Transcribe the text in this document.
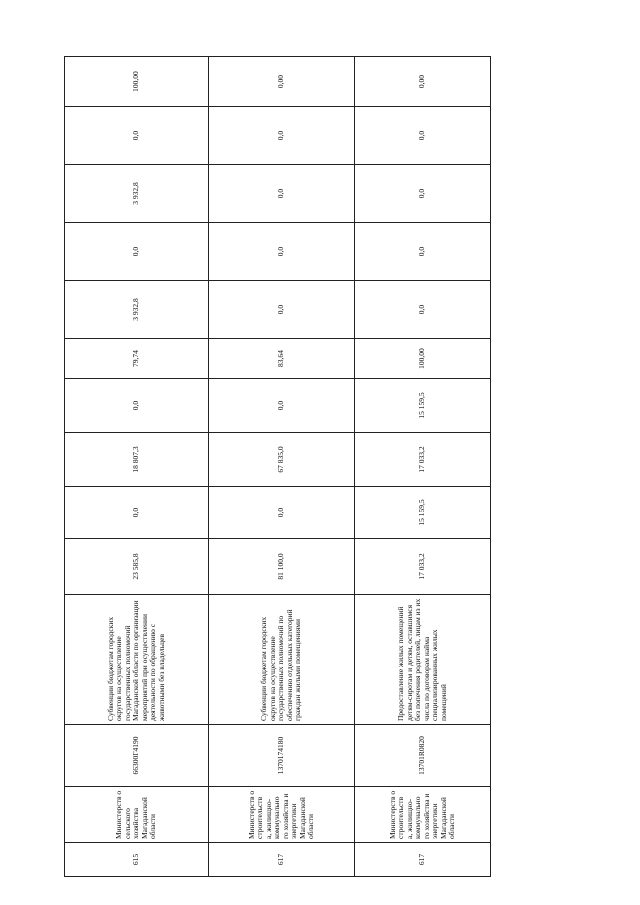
615	Министерств о сельского хозяйства Магаданской области	66300Г4190	Субвенции бюджетам городских округов на осуществление государственных полномочий Магаданской области по организации мероприятий при осуществлении деятельности по обращению с животными без владельцев	23 585,8	0,0	18 807,3	0,0	79,74	3 932,8	0,0	3 932,8	0,0	100,00
617	Министерств о строительств а, жилищно-коммунально го хозяйства и энергетики Магаданской области	1370174180	Субвенции бюджетам городских округов на осуществление государственных полномочий по обеспечению отдельных категорий граждан жилыми помещениями	81 100,0	0,0	67 835,0	0,0	83,64	0,0	0,0	0,0	0,0	0,00
617	Министерств о строительств а, жилищно-коммунально го хозяйства и энергетики Магаданской области	13701R0820	Предоставление жилых помещений детям-сиротам и детям, оставшимся без попечения родителей, лицам из их числа по договорам найма специализированных жилых помещений	17 033,2	15 159,5	17 033,2	15 159,5	100,00	0,0	0,0	0,0	0,0	0,00
